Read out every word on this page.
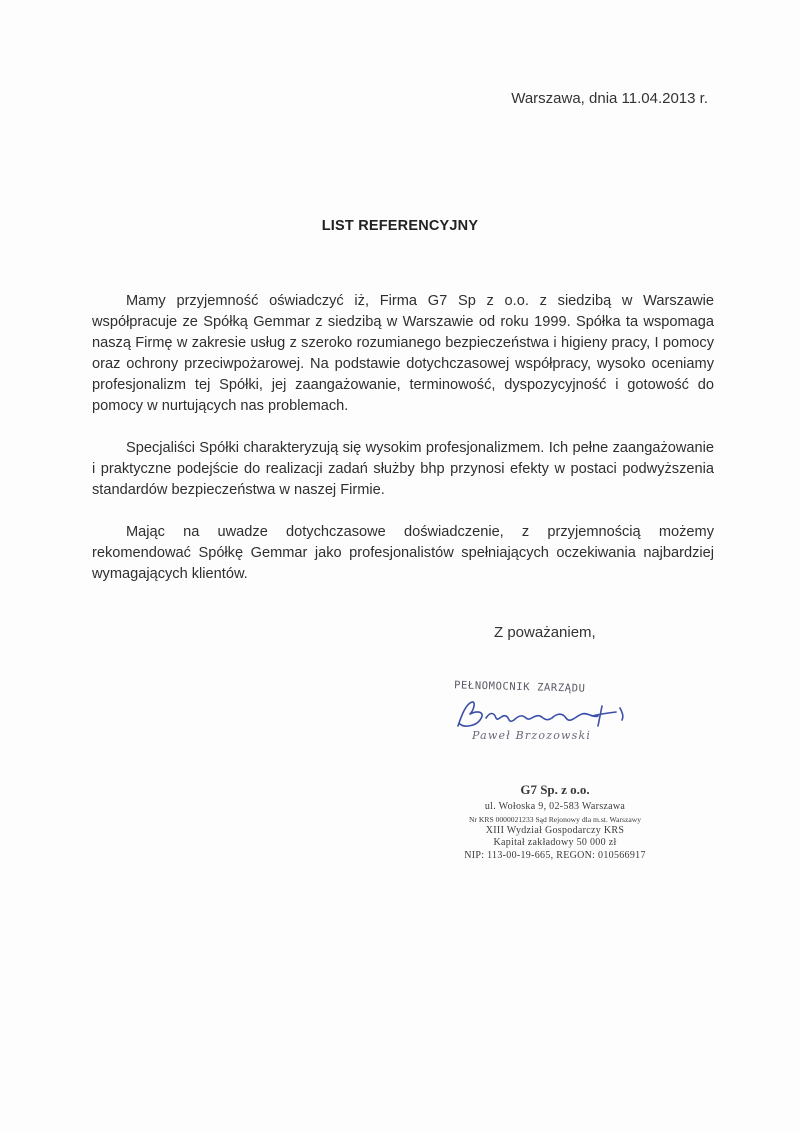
Warszawa, dnia 11.04.2013 r.
LIST REFERENCYJNY

Mamy przyjemność oświadczyć iż, Firma G7 Sp z o.o. z siedzibą w Warszawie współpracuje ze Spółką Gemmar z siedzibą w Warszawie od roku 1999. Spółka ta wspomaga naszą Firmę w zakresie usług z szeroko rozumianego bezpieczeństwa i higieny pracy, I pomocy oraz ochrony przeciwpożarowej. Na podstawie dotychczasowej współpracy, wysoko oceniamy profesjonalizm tej Spółki, jej zaangażowanie, terminowość, dyspozycyjność i gotowość do pomocy w nurtujących nas problemach.

Specjaliści Spółki charakteryzują się wysokim profesjonalizmem. Ich pełne zaangażowanie i praktyczne podejście do realizacji zadań służby bhp przynosi efekty w postaci podwyższenia standardów bezpieczeństwa w naszej Firmie.

Mając na uwadze dotychczasowe doświadczenie, z przyjemnością możemy rekomendować Spółkę Gemmar jako profesjonalistów spełniających oczekiwania najbardziej wymagających klientów.

Z poważaniem,
PEŁNOMOCNIK ZARZĄDU
Paweł Brzozowski
G7 Sp. z o.o.
ul. Wołoska 9, 02-583 Warszawa
Nr KRS 0000021233 Sąd Rejonowy dla m.st. Warszawy
XIII Wydział Gospodarczy KRS
Kapitał zakładowy 50 000 zł
NIP: 113-00-19-665, REGON: 010566917
